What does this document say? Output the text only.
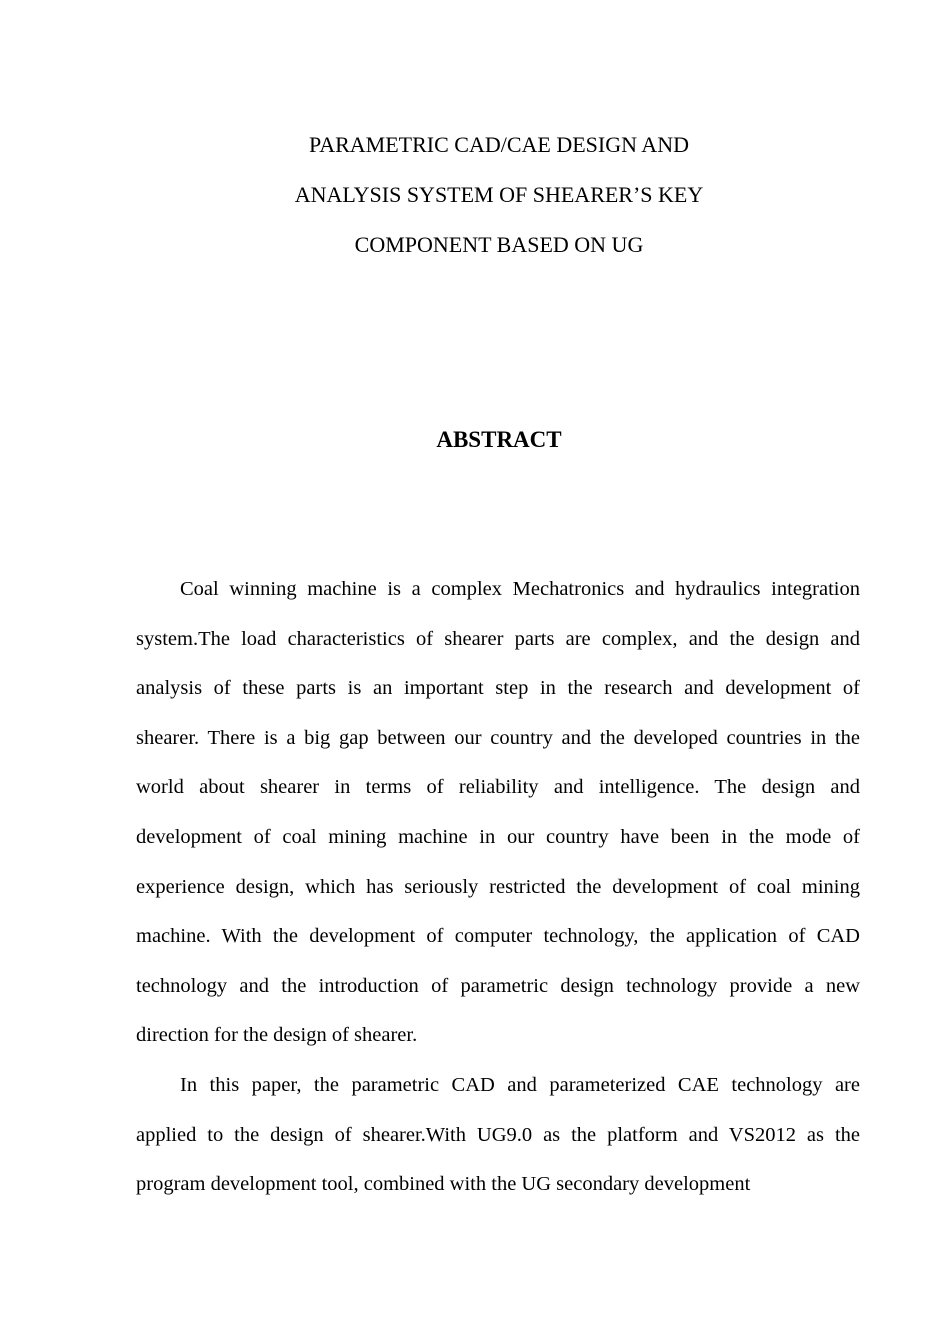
PARAMETRIC CAD/CAE DESIGN AND
ANALYSIS SYSTEM OF SHEARER’S KEY
COMPONENT BASED ON UG
ABSTRACT
Coal winning machine is a complex Mechatronics and hydraulics integration
system.The load characteristics of shearer parts are complex, and the design and
analysis of these parts is an important step in the research and development of
shearer. There is a big gap between our country and the developed countries in the
world about shearer in terms of reliability and intelligence. The design and
development of coal mining machine in our country have been in the mode of
experience design, which has seriously restricted the development of coal mining
machine. With the development of computer technology, the application of CAD
technology and the introduction of parametric design technology provide a new
direction for the design of shearer.
In this paper, the parametric CAD and parameterized CAE technology are
applied to the design of shearer.With UG9.0 as the platform and VS2012 as the
program development tool, combined with the UG secondary development
